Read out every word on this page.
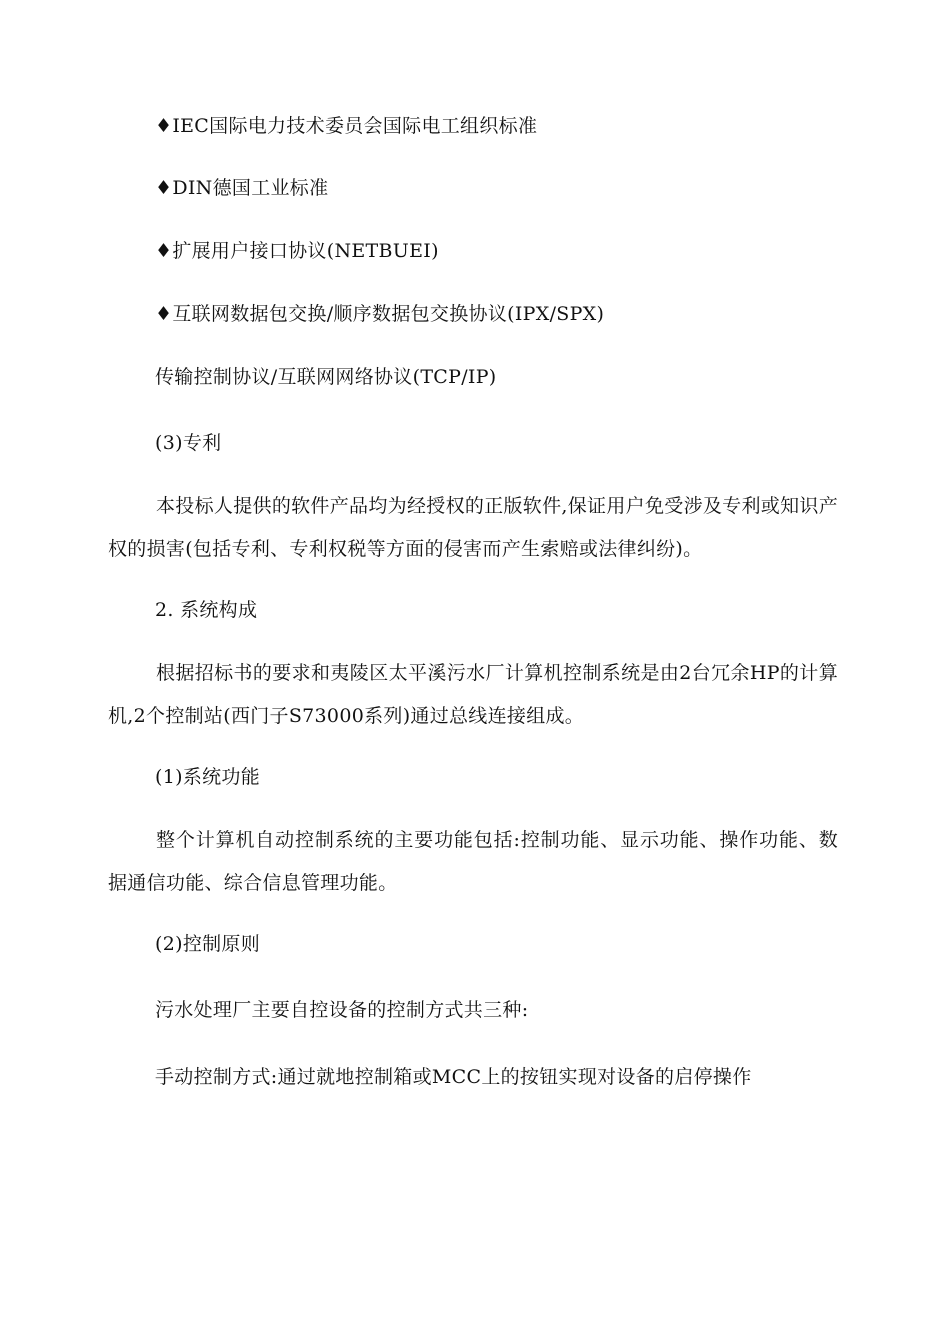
♦IEC国际电力技术委员会国际电工组织标准
♦DIN德国工业标准
♦扩展用户接口协议(NETBUEI)
♦互联网数据包交换/顺序数据包交换协议(IPX/SPX)
传输控制协议/互联网网络协议(TCP/IP)
(3)专利
本投标人提供的软件产品均为经授权的正版软件,保证用户免受涉及专利或知识产权的损害(包括专利、专利权税等方面的侵害而产生索赔或法律纠纷)。
2. 系统构成
根据招标书的要求和夷陵区太平溪污水厂计算机控制系统是由2台冗余HP的计算机,2个控制站(西门子S73000系列)通过总线连接组成。
(1)系统功能
整个计算机自动控制系统的主要功能包括:控制功能、显示功能、操作功能、数据通信功能、综合信息管理功能。
(2)控制原则
污水处理厂主要自控设备的控制方式共三种:
手动控制方式:通过就地控制箱或MCC上的按钮实现对设备的启停操作
